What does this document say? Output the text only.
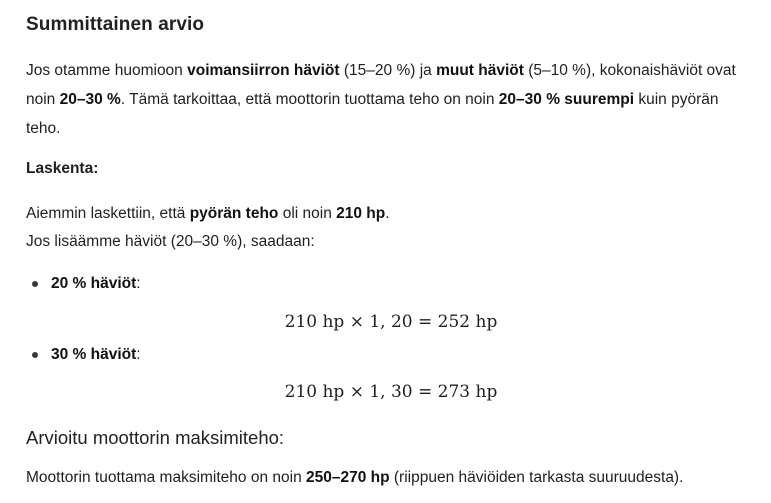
Summittainen arvio

Jos otamme huomioon voimansiirron häviöt (15–20 %) ja muut häviöt (5–10 %), kokonaishäviöt ovat noin 20–30 %. Tämä tarkoittaa, että moottorin tuottama teho on noin 20–30 % suurempi kuin pyörän teho.

Laskenta:
Aiemmin laskettiin, että pyörän teho oli noin 210 hp.
Jos lisäämme häviöt (20–30 %), saadaan:
20 % häviöt :
210 hp × 1, 20 = 252 hp
30 % häviöt :
210 hp × 1, 30 = 273 hp
Arvioitu moottorin maksimiteho:
Moottorin tuottama maksimiteho on noin 250–270 hp (riippuen häviöiden tarkasta suuruudesta).
